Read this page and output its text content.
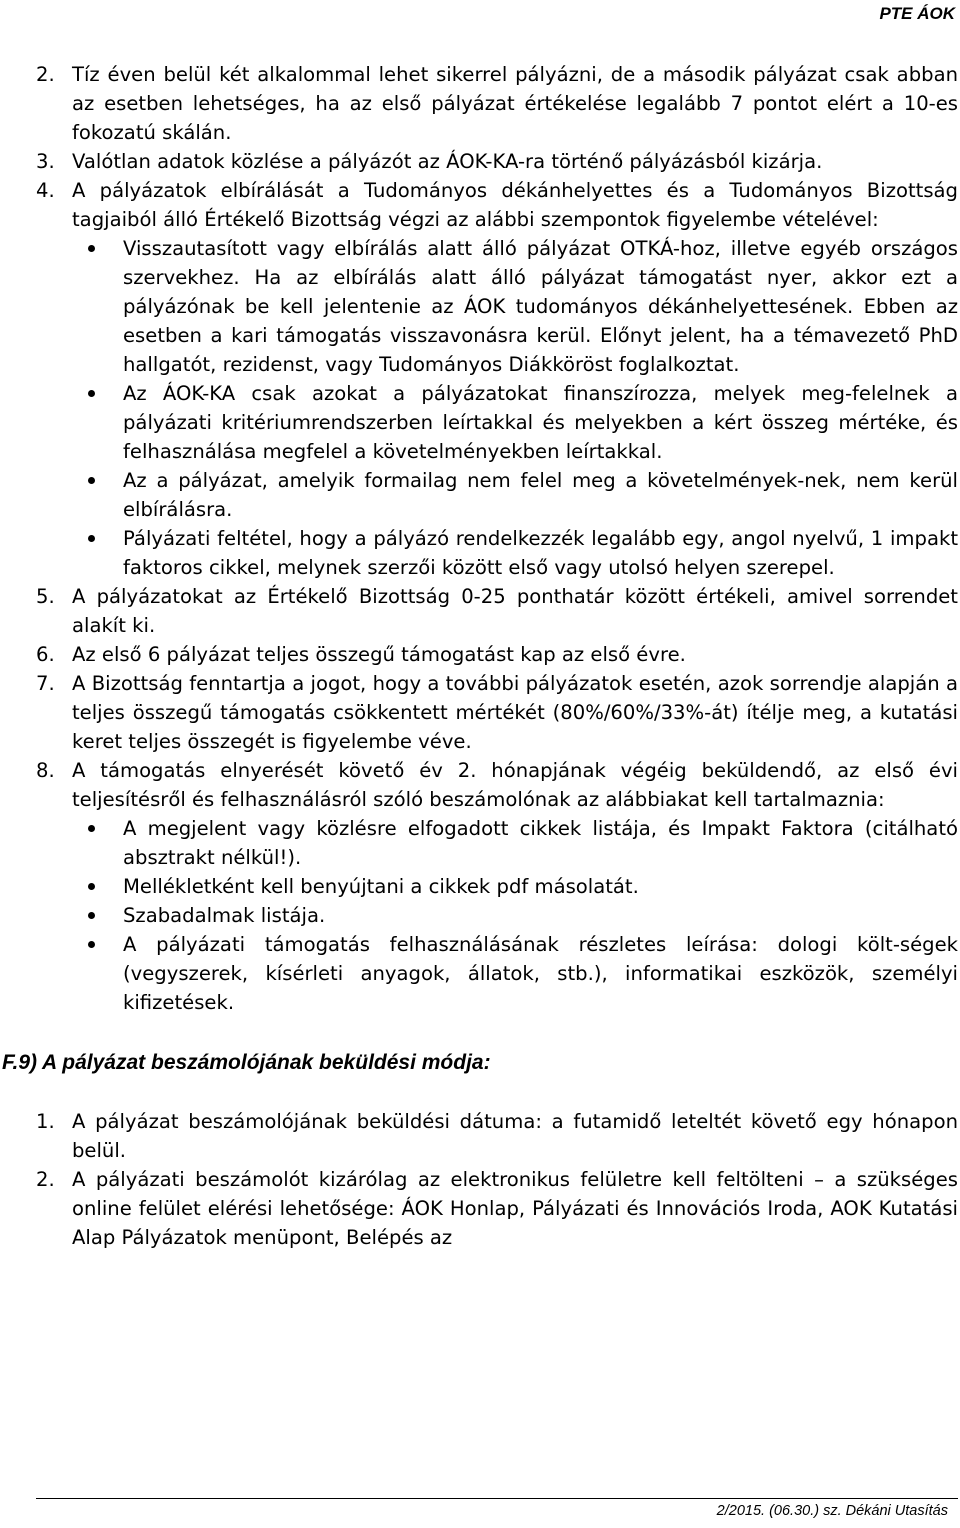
PTE ÁOK
2. Tíz éven belül két alkalommal lehet sikerrel pályázni, de a második pályázat csak abban az esetben lehetséges, ha az első pályázat értékelése legalább 7 pontot elért a 10-es fokozatú skálán.
3. Valótlan adatok közlése a pályázót az ÁOK-KA-ra történő pályázásból kizárja.
4. A pályázatok elbírálását a Tudományos dékánhelyettes és a Tudományos Bizottság tagjaiból álló Értékelő Bizottság végzi az alábbi szempontok figyelembe vételével:
Visszautasított vagy elbírálás alatt álló pályázat OTKÁ-hoz, illetve egyéb országos szervekhez. Ha az elbírálás alatt álló pályázat támogatást nyer, akkor ezt a pályázónak be kell jelentenie az ÁOK tudományos dékánhelyettesének. Ebben az esetben a kari támogatás visszavonásra kerül. Előnyt jelent, ha a témavezető PhD hallgatót, rezidenst, vagy Tudományos Diákköröst foglalkoztat.
Az ÁOK-KA csak azokat a pályázatokat finanszírozza, melyek meg-felelnek a pályázati kritériumrendszerben leírtakkal és melyekben a kért összeg mértéke, és felhasználása megfelel a követelményekben leírtakkal.
Az a pályázat, amelyik formailag nem felel meg a követelmények-nek, nem kerül elbírálásra.
Pályázati feltétel, hogy a pályázó rendelkezzék legalább egy, angol nyelvű, 1 impakt faktoros cikkel, melynek szerzői között első vagy utolsó helyen szerepel.
5. A pályázatokat az Értékelő Bizottság 0-25 ponthatár között értékeli, amivel sorrendet alakít ki.
6. Az első 6 pályázat teljes összegű támogatást kap az első évre.
7. A Bizottság fenntartja a jogot, hogy a további pályázatok esetén, azok sorrendje alapján a teljes összegű támogatás csökkentett mértékét (80%/60%/33%-át) ítélje meg, a kutatási keret teljes összegét is figyelembe véve.
8. A támogatás elnyerését követő év 2. hónapjának végéig beküldendő, az első évi teljesítésről és felhasználásról szóló beszámolónak az alábbiakat kell tartalmaznia:
A megjelent vagy közlésre elfogadott cikkek listája, és Impakt Faktora (citálható absztrakt nélkül!).
Mellékletként kell benyújtani a cikkek pdf másolatát.
Szabadalmak listája.
A pályázati támogatás felhasználásának részletes leírása: dologi költ-ségek (vegyszerek, kísérleti anyagok, állatok, stb.), informatikai eszközök, személyi kifizetések.
F.9) A pályázat beszámolójának beküldési módja:
1. A pályázat beszámolójának beküldési dátuma: a futamidő leteltét követő egy hónapon belül.
2. A pályázati beszámolót kizárólag az elektronikus felületre kell feltölteni – a szükséges online felület elérési lehetősége: ÁOK Honlap, Pályázati és Innovációs Iroda, AOK Kutatási Alap Pályázatok menüpont, Belépés az
2/2015. (06.30.) sz. Dékáni Utasítás
